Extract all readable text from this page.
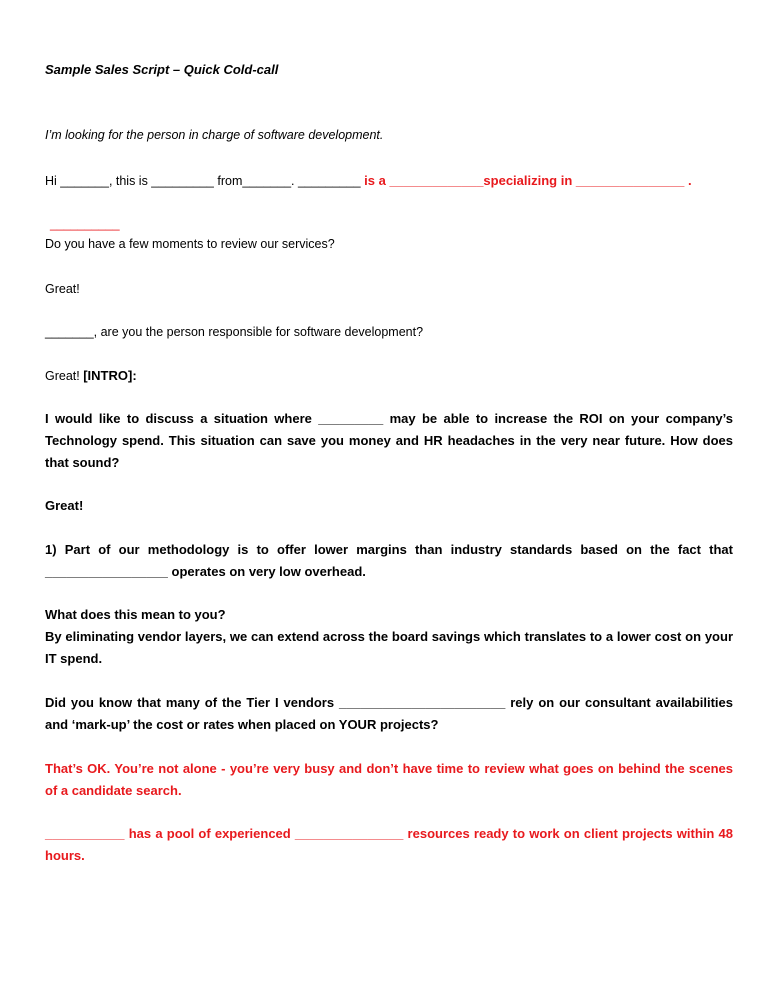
Sample Sales Script – Quick Cold-call
I’m looking for the person in charge of software development.
Hi _______, this is _________ from_______. _________ is a _____________specializing in _______________ .
__________
Do you have a few moments to review our services?
Great!
_______, are you the person responsible for software development?
Great! [INTRO]:
I would like to discuss a situation where _________ may be able to increase the ROI on your company’s Technology spend. This situation can save you money and HR headaches in the very near future. How does that sound?
Great!
1) Part of our methodology is to offer lower margins than industry standards based on the fact that _________________ operates on very low overhead.
What does this mean to you?
By eliminating vendor layers, we can extend across the board savings which translates to a lower cost on your IT spend.
Did you know that many of the Tier I vendors _______________________ rely on our consultant availabilities and ‘mark-up’ the cost or rates when placed on YOUR projects?
That’s OK. You’re not alone - you’re very busy and don’t have time to review what goes on behind the scenes of a candidate search.
___________ has a pool of experienced _______________ resources ready to work on client projects within 48 hours.
